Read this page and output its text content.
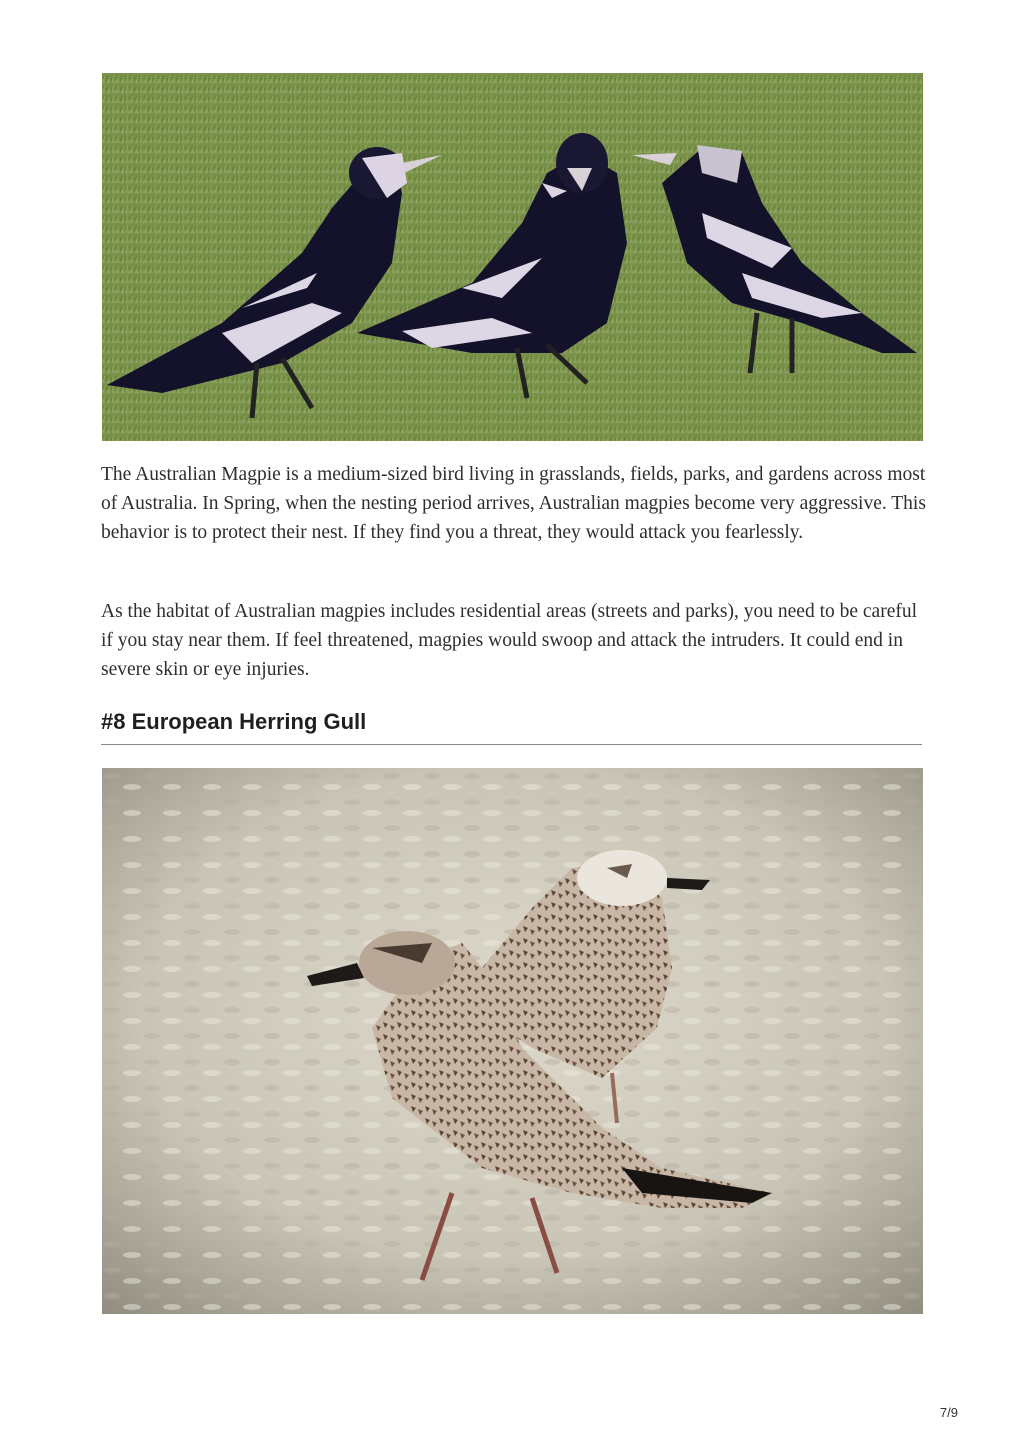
The Australian Magpie is a medium-sized bird living in grasslands, fields, parks, and gardens across most of Australia. In Spring, when the nesting period arrives, Australian magpies become very aggressive. This behavior is to protect their nest. If they find you a threat, they would attack you fearlessly.

As the habitat of Australian magpies includes residential areas (streets and parks), you need to be careful if you stay near them. If feel threatened, magpies would swoop and attack the intruders. It could end in severe skin or eye injuries.

#8 European Herring Gull
7/9
